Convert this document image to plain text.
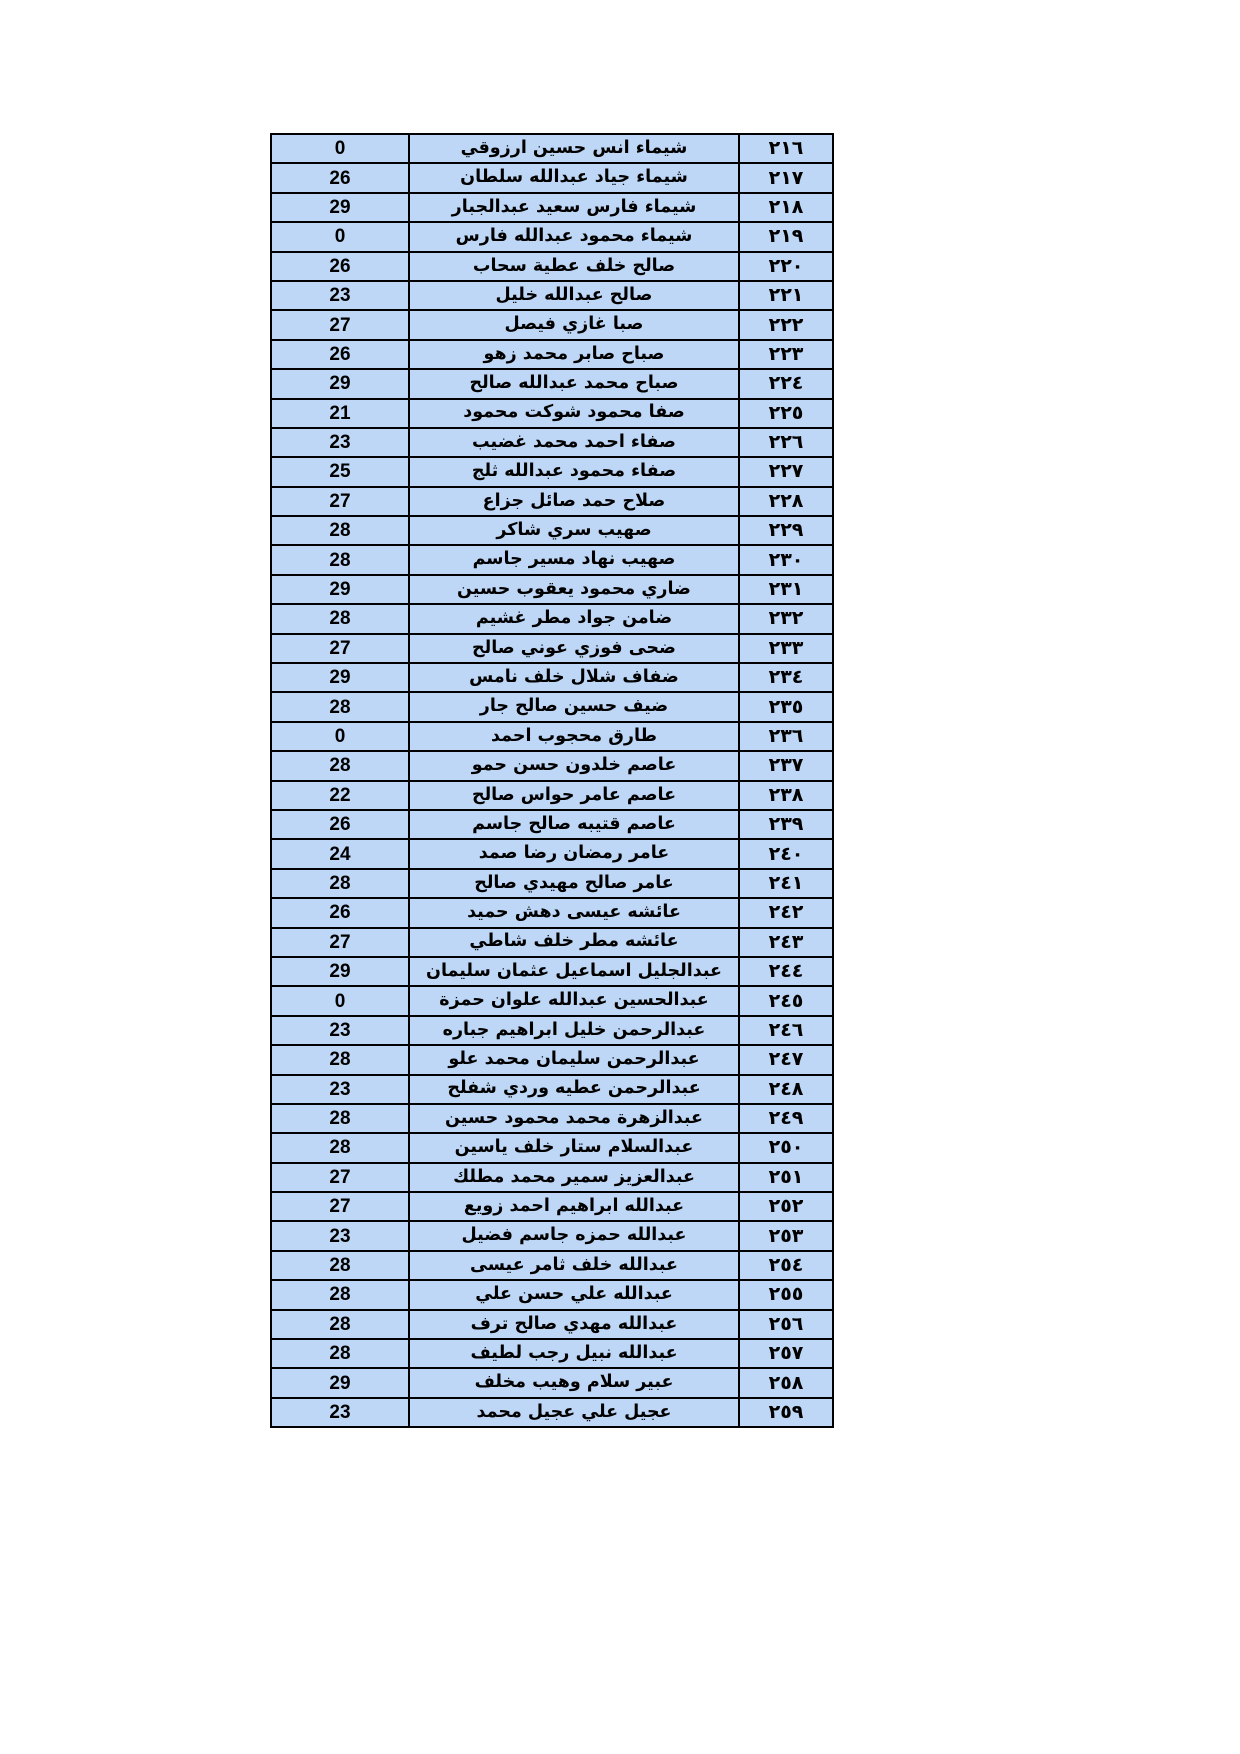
٢١٦	شيماء انس حسين ارزوقي	0
٢١٧	شيماء جياد عبدالله سلطان	26
٢١٨	شيماء فارس سعيد عبدالجبار	29
٢١٩	شيماء محمود عبدالله فارس	0
٢٢٠	صالح خلف عطية سحاب	26
٢٢١	صالح عبدالله خليل	23
٢٢٢	صبا غازي فيصل	27
٢٢٣	صباح صابر محمد زهو	26
٢٢٤	صباح محمد عبدالله صالح	29
٢٢٥	صفا محمود شوكت محمود	21
٢٢٦	صفاء احمد محمد غضيب	23
٢٢٧	صفاء محمود عبدالله ثلج	25
٢٢٨	صلاح حمد صائل جزاع	27
٢٢٩	صهيب سري شاكر	28
٢٣٠	صهيب نهاد مسير جاسم	28
٢٣١	ضاري محمود يعقوب حسين	29
٢٣٢	ضامن جواد مطر غشيم	28
٢٣٣	ضحى فوزي عوني صالح	27
٢٣٤	ضفاف شلال خلف نامس	29
٢٣٥	ضيف حسين صالح جار	28
٢٣٦	طارق محجوب احمد	0
٢٣٧	عاصم خلدون حسن حمو	28
٢٣٨	عاصم عامر حواس صالح	22
٢٣٩	عاصم قتيبه صالح جاسم	26
٢٤٠	عامر رمضان رضا صمد	24
٢٤١	عامر صالح مهيدي صالح	28
٢٤٢	عائشه عيسى دهش حميد	26
٢٤٣	عائشه مطر خلف شاطي	27
٢٤٤	عبدالجليل اسماعيل عثمان سليمان	29
٢٤٥	عبدالحسين عبدالله علوان حمزة	0
٢٤٦	عبدالرحمن خليل ابراهيم جباره	23
٢٤٧	عبدالرحمن سليمان محمد علو	28
٢٤٨	عبدالرحمن عطيه وردي شفلح	23
٢٤٩	عبدالزهرة محمد محمود حسين	28
٢٥٠	عبدالسلام ستار خلف ياسين	28
٢٥١	عبدالعزيز سمير محمد مطلك	27
٢٥٢	عبدالله ابراهيم احمد زويع	27
٢٥٣	عبدالله حمزه جاسم فضيل	23
٢٥٤	عبدالله خلف ثامر عيسى	28
٢٥٥	عبدالله علي حسن علي	28
٢٥٦	عبدالله مهدي صالح ترف	28
٢٥٧	عبدالله نبيل رجب لطيف	28
٢٥٨	عبير سلام وهيب مخلف	29
٢٥٩	عجيل علي عجيل محمد	23
